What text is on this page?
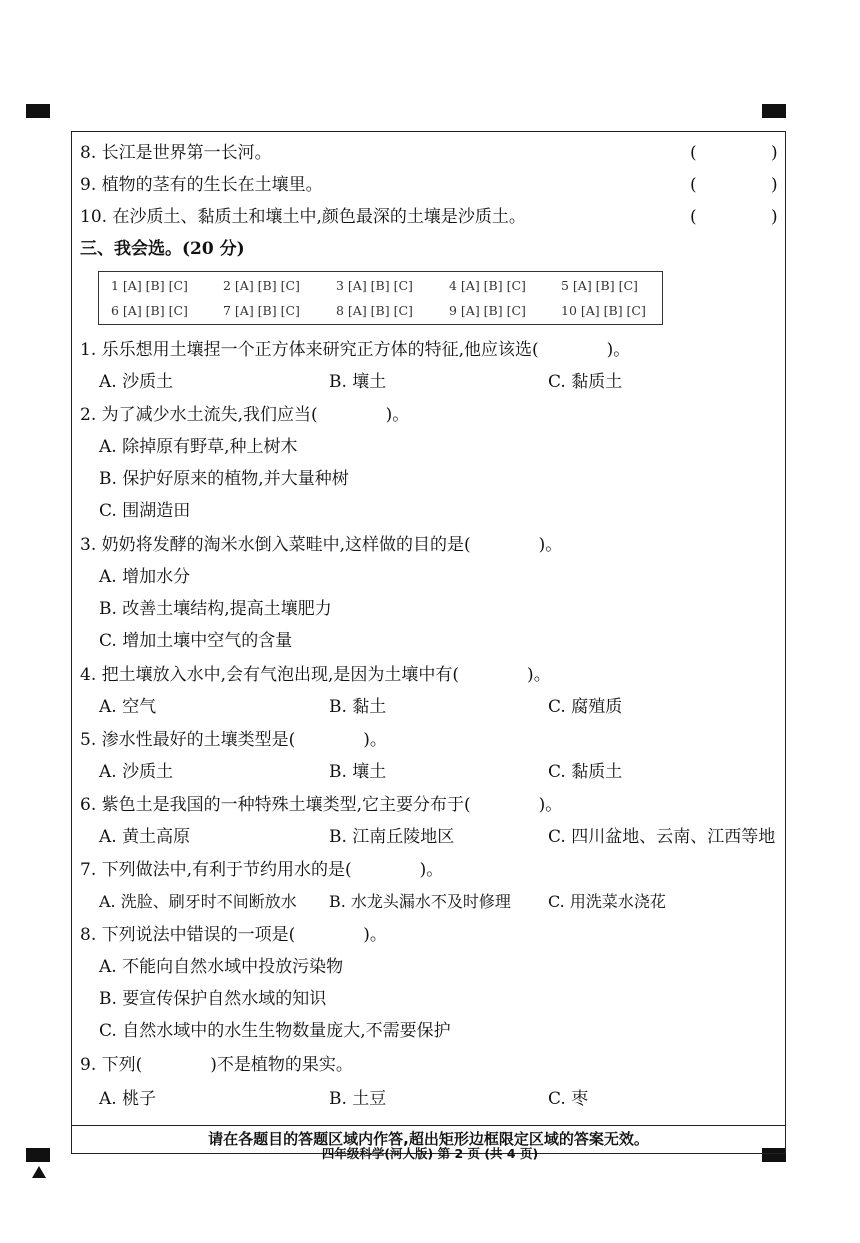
8. 长江是世界第一长河。	(	)
9. 植物的茎有的生长在土壤里。	(	)
10. 在沙质土、黏质土和壤土中,颜色最深的土壤是沙质土。	(	)
三、我会选。(20 分)
1 [A] [B] [C]	2 [A] [B] [C]	3 [A] [B] [C]	4 [A] [B] [C]	5 [A] [B] [C]
6 [A] [B] [C]	7 [A] [B] [C]	8 [A] [B] [C]	9 [A] [B] [C]	10 [A] [B] [C]
1. 乐乐想用土壤捏一个正方体来研究正方体的特征,他应该选(　　　　)。
A. 沙质土	B. 壤土	C. 黏质土
2. 为了减少水土流失,我们应当(　　　　)。
A. 除掉原有野草,种上树木
B. 保护好原来的植物,并大量种树
C. 围湖造田
3. 奶奶将发酵的淘米水倒入菜畦中,这样做的目的是(　　　　)。
A. 增加水分
B. 改善土壤结构,提高土壤肥力
C. 增加土壤中空气的含量
4. 把土壤放入水中,会有气泡出现,是因为土壤中有(　　　　)。
A. 空气	B. 黏土	C. 腐殖质
5. 渗水性最好的土壤类型是(　　　　)。
A. 沙质土	B. 壤土	C. 黏质土
6. 紫色土是我国的一种特殊土壤类型,它主要分布于(　　　　)。
A. 黄土高原	B. 江南丘陵地区	C. 四川盆地、云南、江西等地
7. 下列做法中,有利于节约用水的是(　　　　)。
A. 洗脸、刷牙时不间断放水 B. 水龙头漏水不及时修理 C. 用洗菜水浇花
8. 下列说法中错误的一项是(　　　　)。
A. 不能向自然水域中投放污染物
B. 要宣传保护自然水域的知识
C. 自然水域中的水生生物数量庞大,不需要保护
9. 下列(　　　　)不是植物的果实。
A. 桃子	B. 土豆	C. 枣
请在各题目的答题区域内作答,超出矩形边框限定区域的答案无效。
四年级科学(河人版) 第 2 页 (共 4 页)
